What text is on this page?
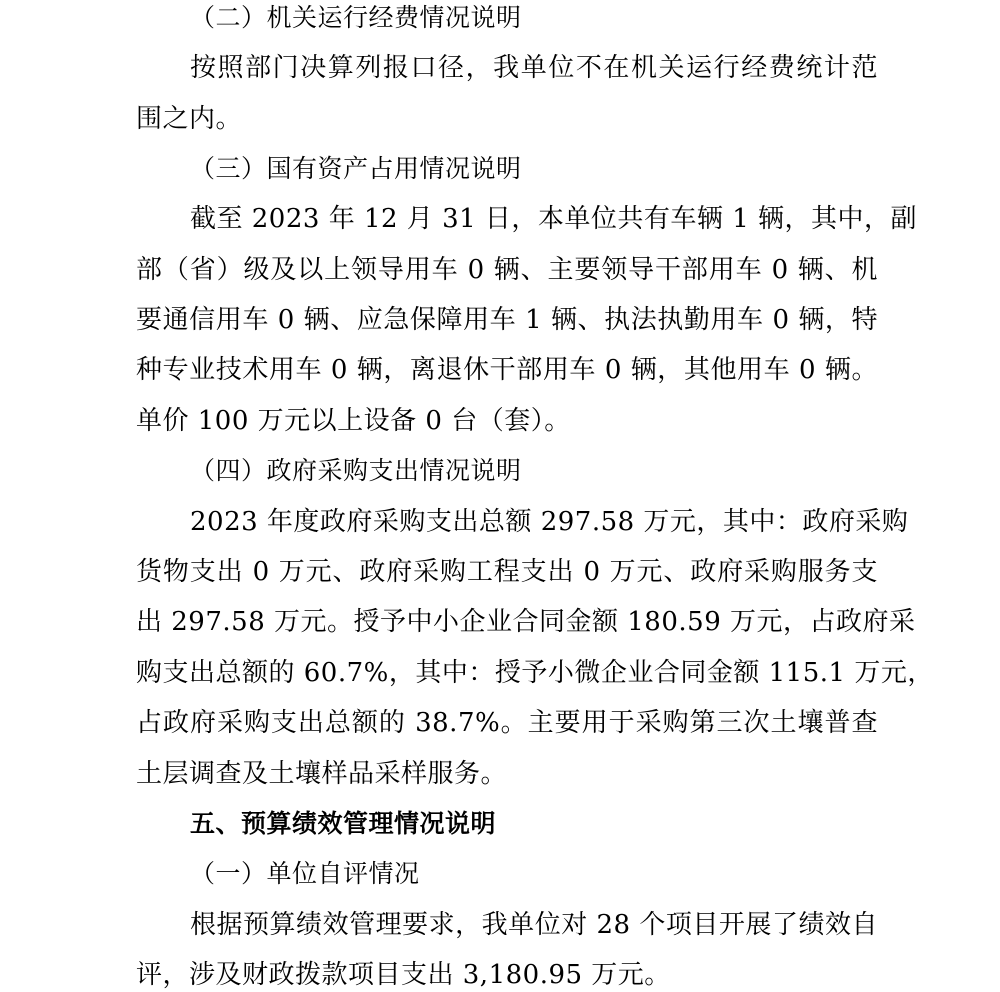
（二）机关运行经费情况说明
按照部门决算列报口径，我单位不在机关运行经费统计范
围之内。
（三）国有资产占用情况说明
截至 2023 年 12 月 31 日，本单位共有车辆 1 辆，其中，副
部（省）级及以上领导用车 0 辆、主要领导干部用车 0 辆、机
要通信用车 0 辆、应急保障用车 1 辆、执法执勤用车 0 辆，特
种专业技术用车 0 辆，离退休干部用车 0 辆，其他用车 0 辆。
单价 100 万元以上设备 0 台（套）。
（四）政府采购支出情况说明
2023 年度政府采购支出总额 297.58 万元，其中：政府采购
货物支出 0 万元、政府采购工程支出 0 万元、政府采购服务支
出 297.58 万元。授予中小企业合同金额 180.59 万元，占政府采
购支出总额的 60.7%，其中：授予小微企业合同金额 115.1 万元，
占政府采购支出总额的 38.7%。主要用于采购第三次土壤普查
土层调查及土壤样品采样服务。
五、预算绩效管理情况说明
（一）单位自评情况
根据预算绩效管理要求，我单位对 28 个项目开展了绩效自
评，涉及财政拨款项目支出 3,180.95 万元。
